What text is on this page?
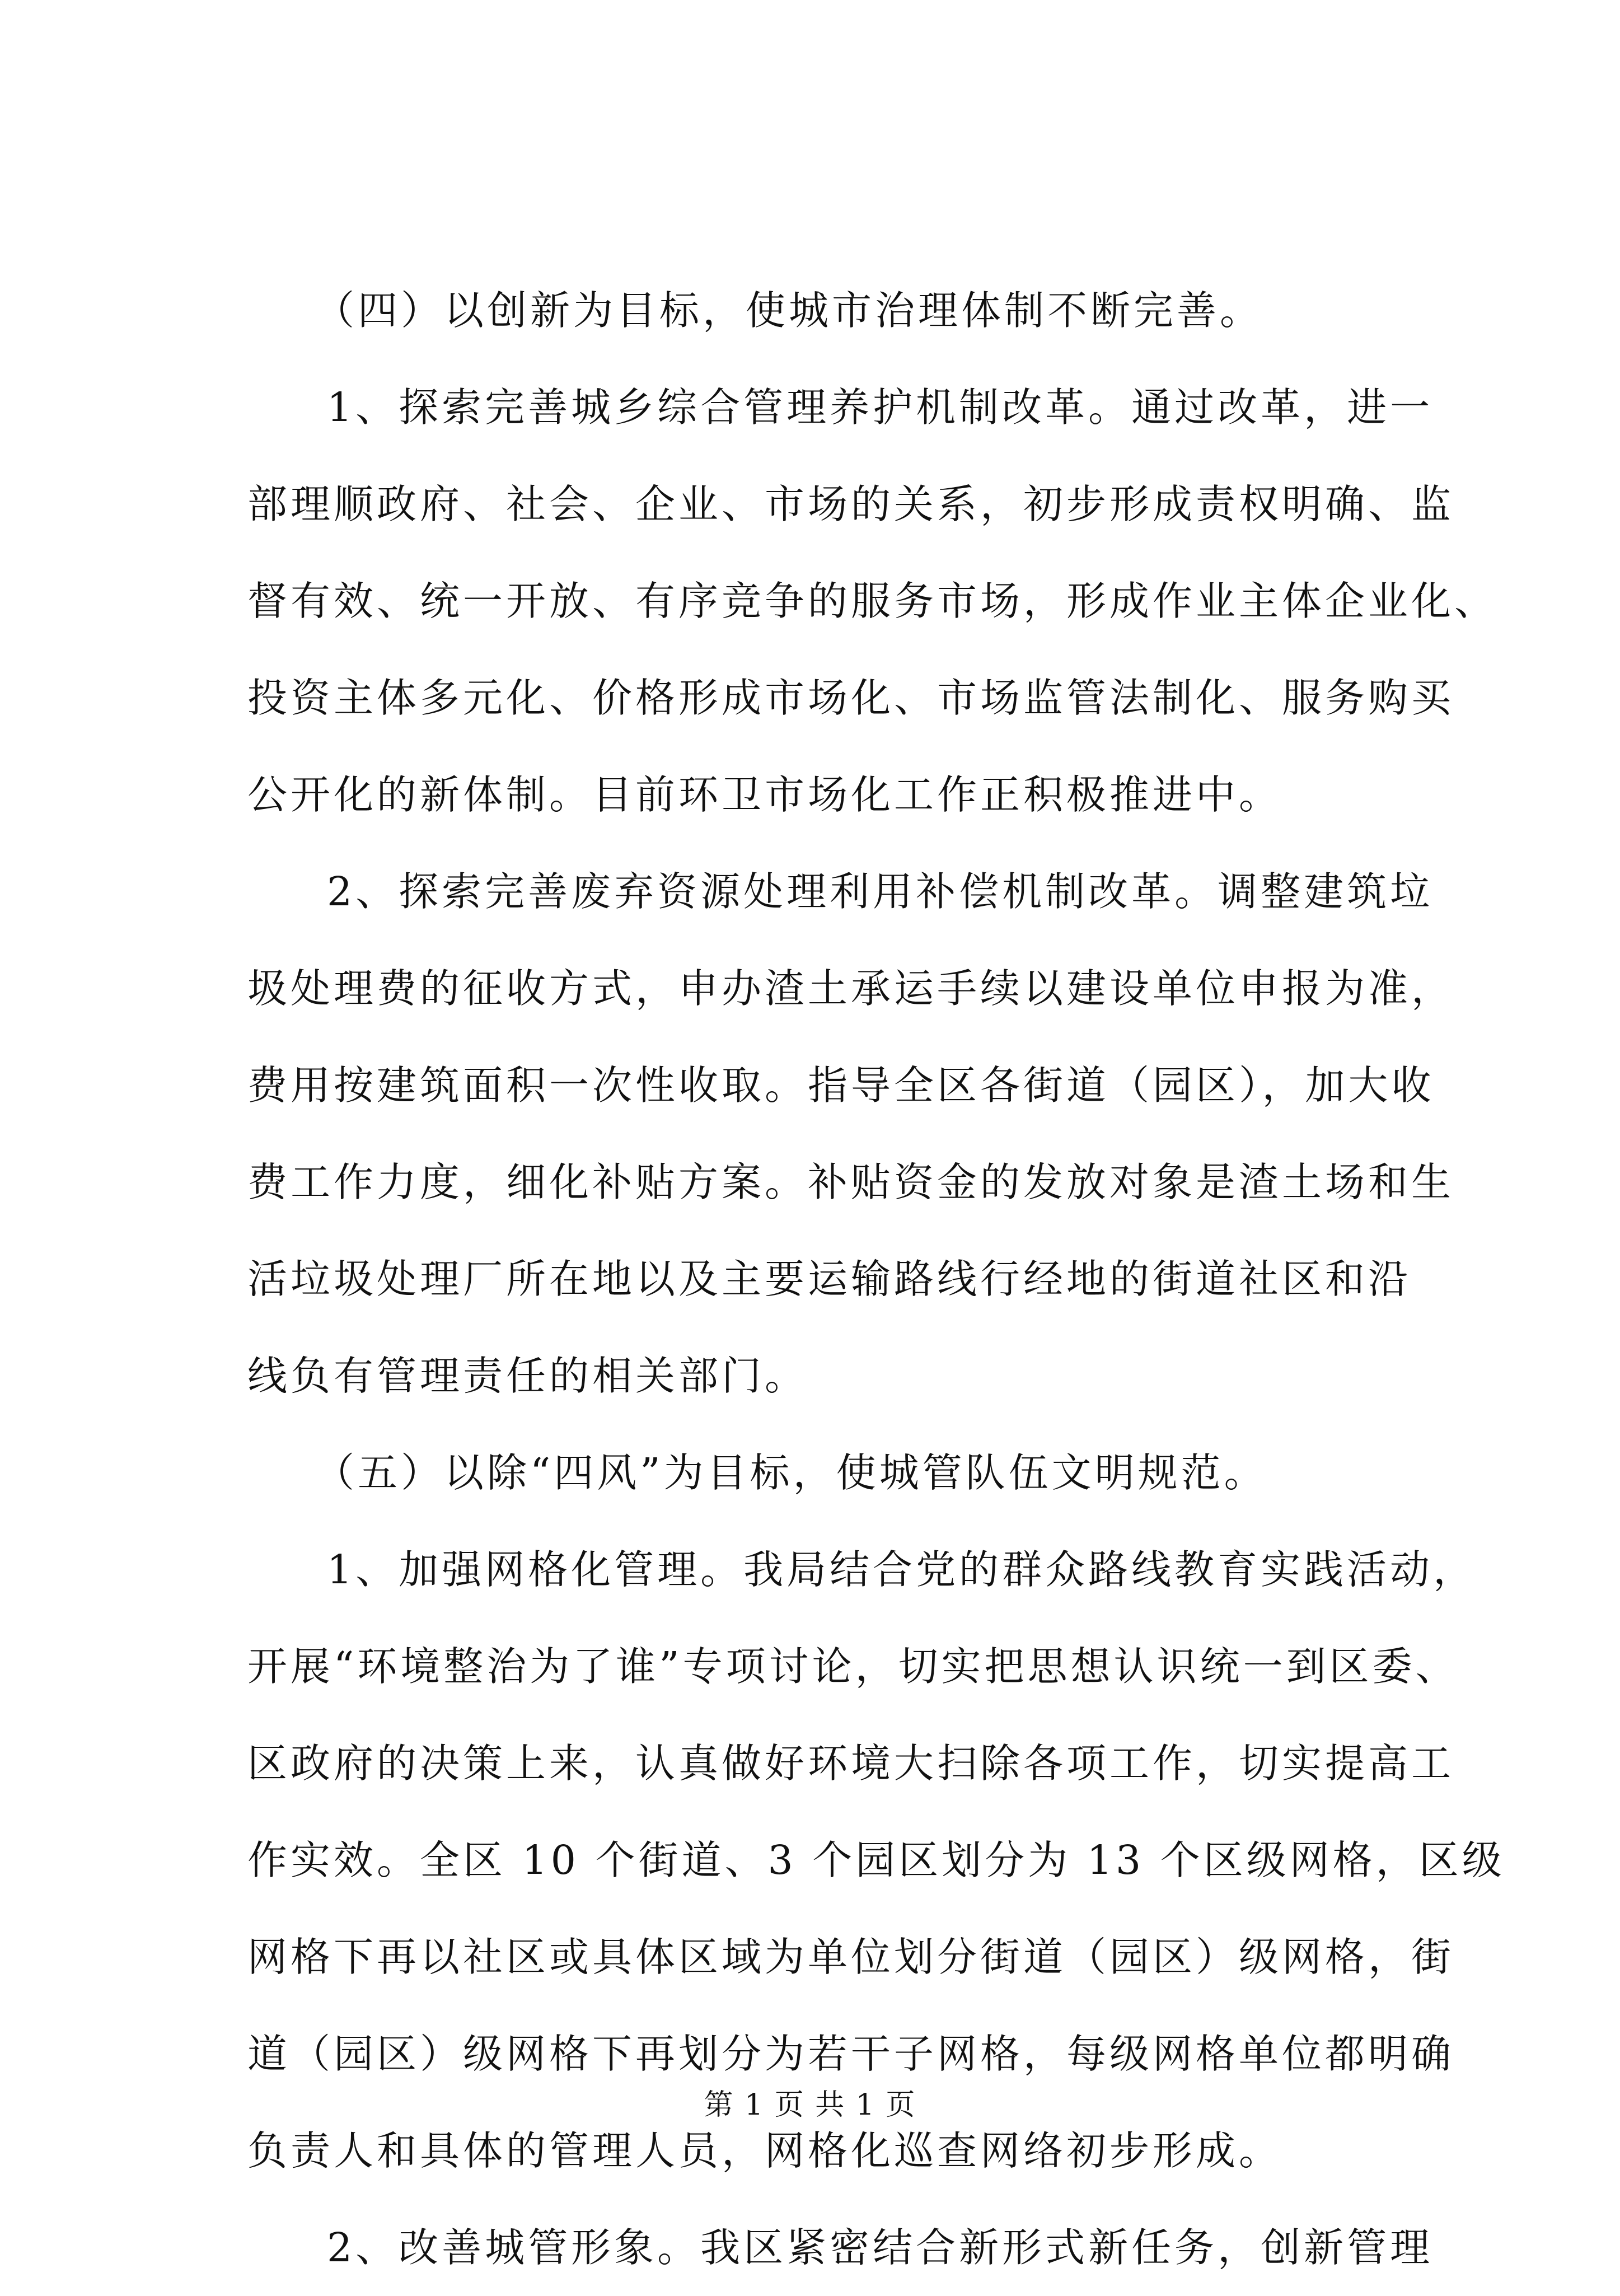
（四）以创新为目标，使城市治理体制不断完善。

1、探索完善城乡综合管理养护机制改革。通过改革，进一
部理顺政府、社会、企业、市场的关系，初步形成责权明确、监
督有效、统一开放、有序竞争的服务市场，形成作业主体企业化、
投资主体多元化、价格形成市场化、市场监管法制化、服务购买
公开化的新体制。目前环卫市场化工作正积极推进中。

2、探索完善废弃资源处理利用补偿机制改革。调整建筑垃
圾处理费的征收方式，申办渣土承运手续以建设单位申报为准，
费用按建筑面积一次性收取。指导全区各街道（园区），加大收
费工作力度，细化补贴方案。补贴资金的发放对象是渣土场和生
活垃圾处理厂所在地以及主要运输路线行经地的街道社区和沿
线负有管理责任的相关部门。

（五）以除“四风”为目标，使城管队伍文明规范。

1、加强网格化管理。我局结合党的群众路线教育实践活动，
开展“环境整治为了谁”专项讨论，切实把思想认识统一到区委、
区政府的决策上来，认真做好环境大扫除各项工作，切实提高工
作实效。全区 10 个街道、3 个园区划分为 13 个区级网格，区级
网格下再以社区或具体区域为单位划分街道（园区）级网格，街
道（园区）级网格下再划分为若干子网格，每级网格单位都明确
负责人和具体的管理人员，网格化巡查网络初步形成。

2、改善城管形象。我区紧密结合新形式新任务，创新管理

第 1 页 共 1 页
